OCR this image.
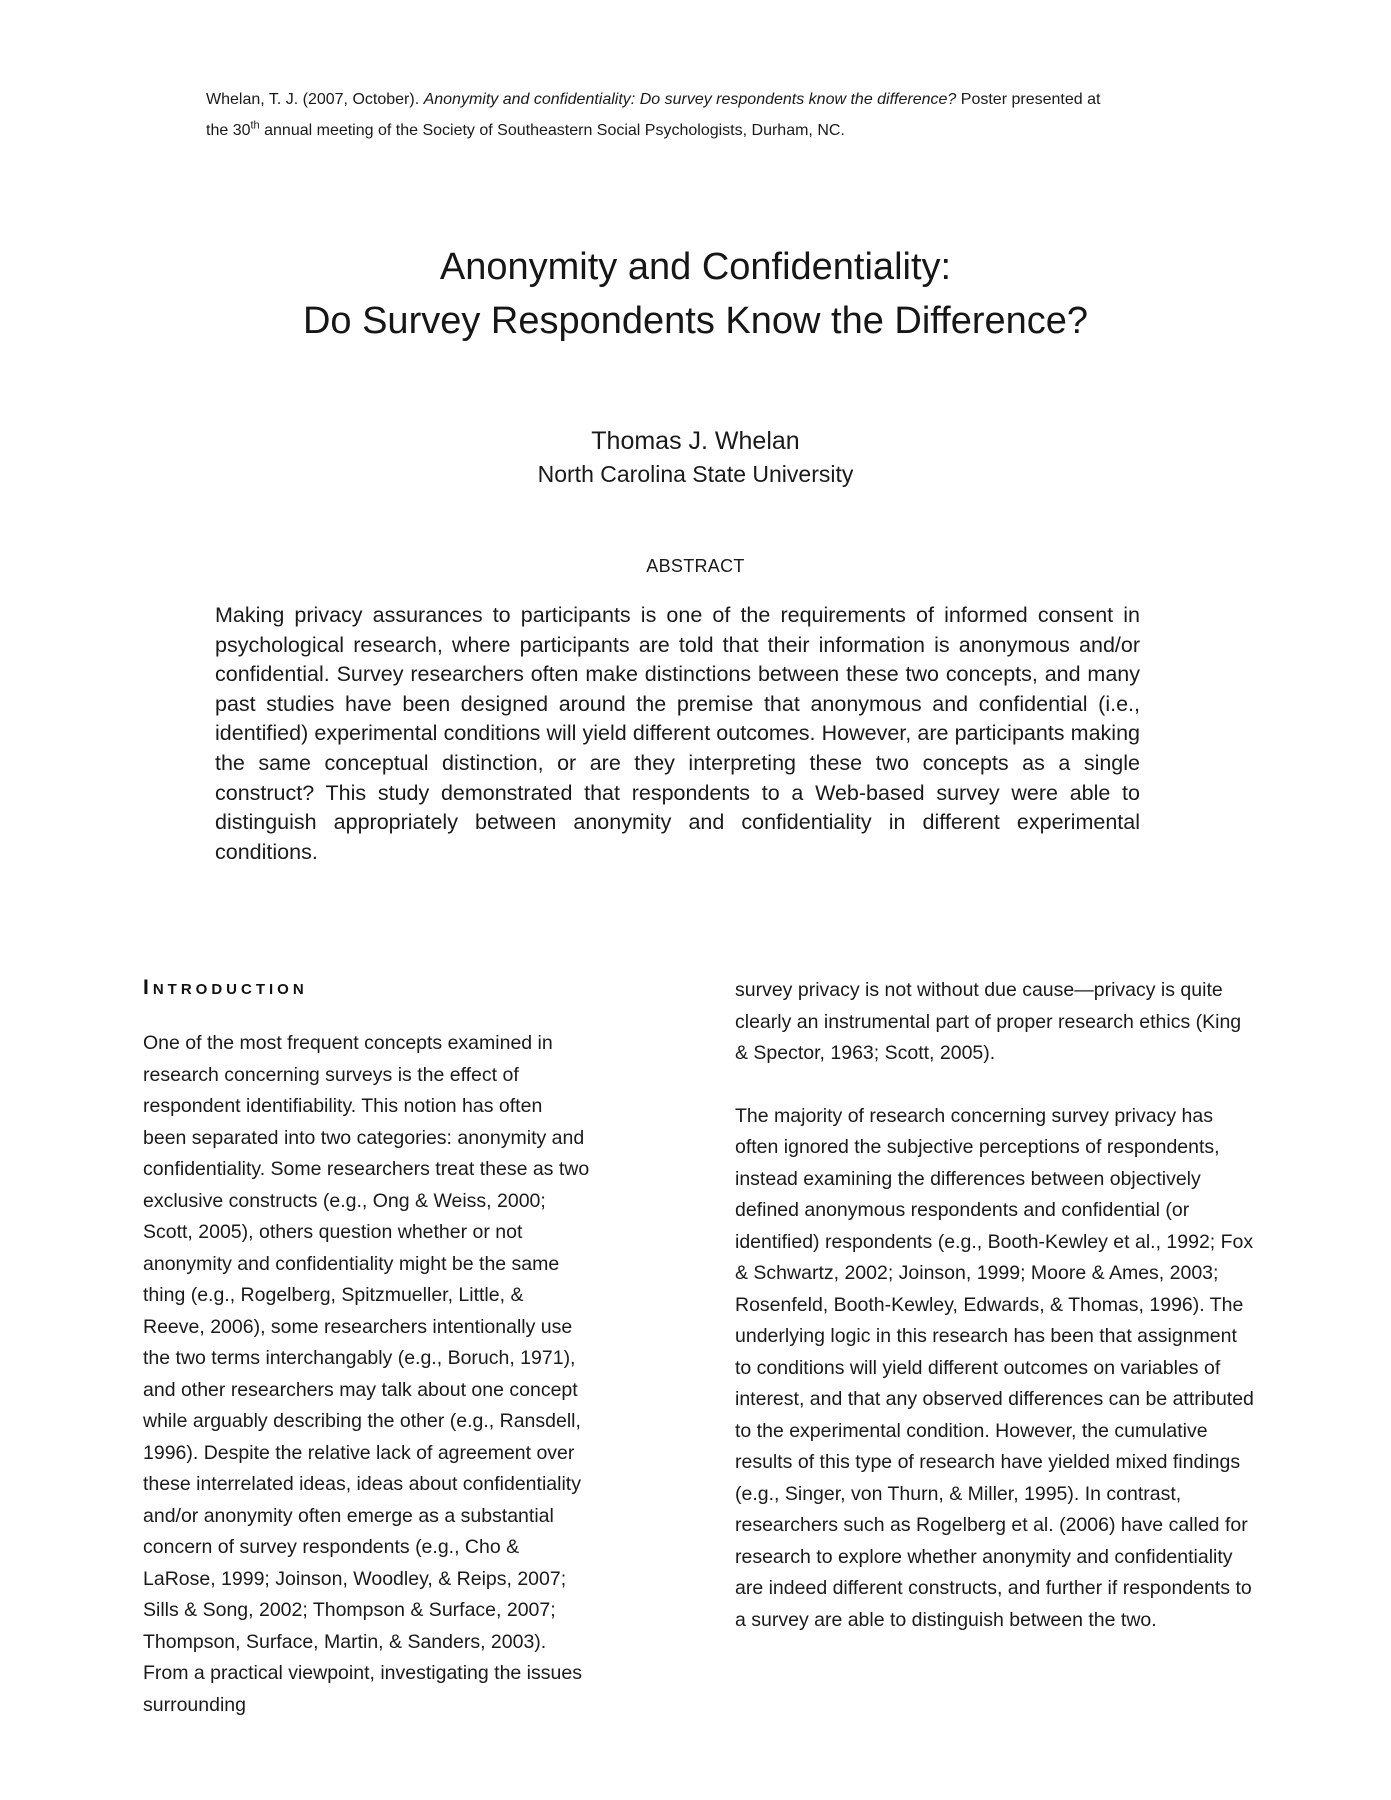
Whelan, T. J. (2007, October). Anonymity and confidentiality: Do survey respondents know the difference? Poster presented at the 30th annual meeting of the Society of Southeastern Social Psychologists, Durham, NC.

Anonymity and Confidentiality:
Do Survey Respondents Know the Difference?
Thomas J. Whelan
North Carolina State University
ABSTRACT

Making privacy assurances to participants is one of the requirements of informed consent in psychological research, where participants are told that their information is anonymous and/or confidential. Survey researchers often make distinctions between these two concepts, and many past studies have been designed around the premise that anonymous and confidential (i.e., identified) experimental conditions will yield different outcomes. However, are participants making the same conceptual distinction, or are they interpreting these two concepts as a single construct? This study demonstrated that respondents to a Web-based survey were able to distinguish appropriately between anonymity and confidentiality in different experimental conditions.

Introduction

One of the most frequent concepts examined in research concerning surveys is the effect of respondent identifiability. This notion has often been separated into two categories: anonymity and confidentiality. Some researchers treat these as two exclusive constructs (e.g., Ong & Weiss, 2000; Scott, 2005), others question whether or not anonymity and confidentiality might be the same thing (e.g., Rogelberg, Spitzmueller, Little, & Reeve, 2006), some researchers intentionally use the two terms interchangably (e.g., Boruch, 1971), and other researchers may talk about one concept while arguably describing the other (e.g., Ransdell, 1996). Despite the relative lack of agreement over these interrelated ideas, ideas about confidentiality and/or anonymity often emerge as a substantial concern of survey respondents (e.g., Cho & LaRose, 1999; Joinson, Woodley, & Reips, 2007; Sills & Song, 2002; Thompson & Surface, 2007; Thompson, Surface, Martin, & Sanders, 2003). From a practical viewpoint, investigating the issues surrounding

survey privacy is not without due cause—privacy is quite clearly an instrumental part of proper research ethics (King & Spector, 1963; Scott, 2005).

The majority of research concerning survey privacy has often ignored the subjective perceptions of respondents, instead examining the differences between objectively defined anonymous respondents and confidential (or identified) respondents (e.g., Booth-Kewley et al., 1992; Fox & Schwartz, 2002; Joinson, 1999; Moore & Ames, 2003; Rosenfeld, Booth-Kewley, Edwards, & Thomas, 1996). The underlying logic in this research has been that assignment to conditions will yield different outcomes on variables of interest, and that any observed differences can be attributed to the experimental condition. However, the cumulative results of this type of research have yielded mixed findings (e.g., Singer, von Thurn, & Miller, 1995). In contrast, researchers such as Rogelberg et al. (2006) have called for research to explore whether anonymity and confidentiality are indeed different constructs, and further if respondents to a survey are able to distinguish between the two.
